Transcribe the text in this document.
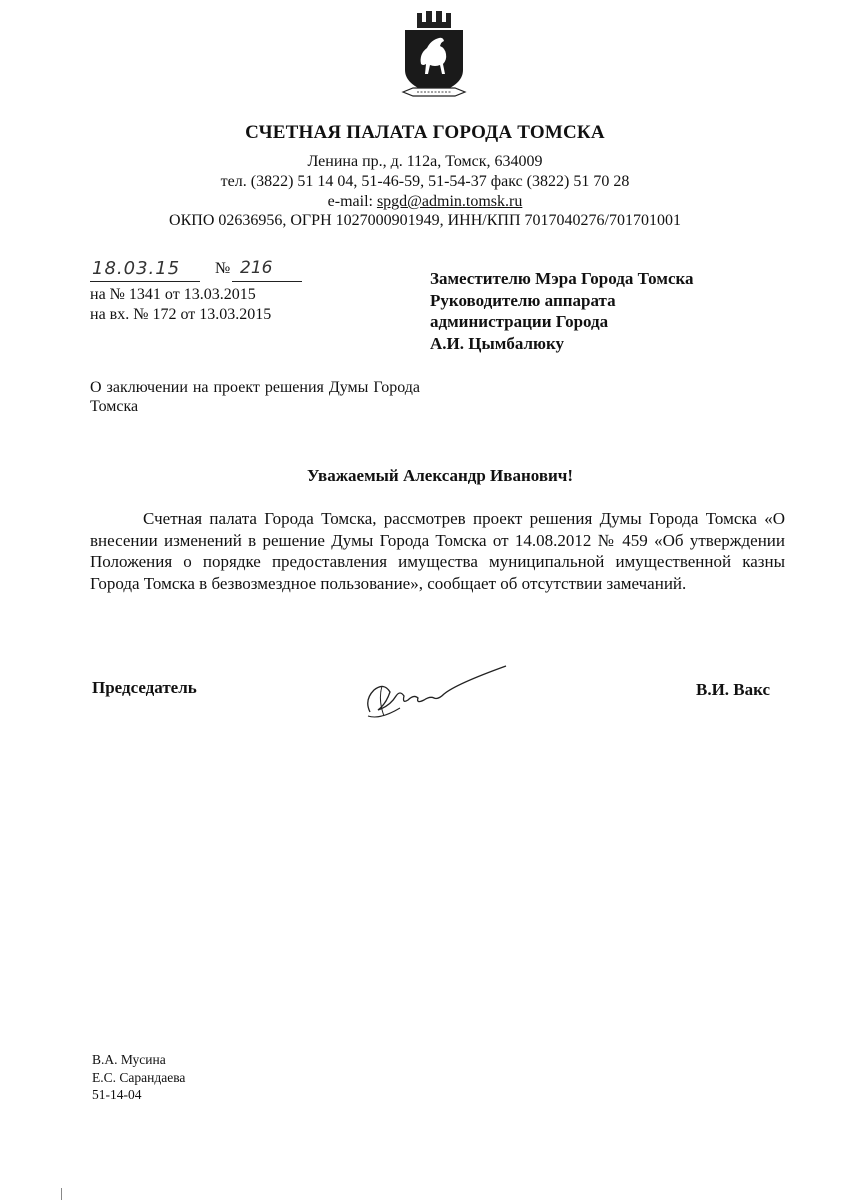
СЧЕТНАЯ ПАЛАТА ГОРОДА ТОМСКА
Ленина пр., д. 112а, Томск, 634009
тел. (3822) 51 14 04, 51-46-59, 51-54-37 факс (3822) 51 70 28
e-mail: spgd@admin.tomsk.ru
ОКПО 02636956, ОГРН 1027000901949, ИНН/КПП 7017040276/701701001
18.03.15 № 216
на № 1341 от 13.03.2015
на вх. № 172 от 13.03.2015
Заместителю Мэра Города Томска
Руководителю аппарата
администрации Города
А.И. Цымбалюку
О заключении на проект решения Думы Города Томска
Уважаемый Александр Иванович!
Счетная палата Города Томска, рассмотрев проект решения Думы Города Томска «О внесении изменений в решение Думы Города Томска от 14.08.2012 № 459 «Об утверждении Положения о порядке предоставления имущества муниципальной имущественной казны Города Томска в безвозмездное пользование», сообщает об отсутствии замечаний.
Председатель	В.И. Вакс
В.А. Мусина
Е.С. Сарандаева
51-14-04
